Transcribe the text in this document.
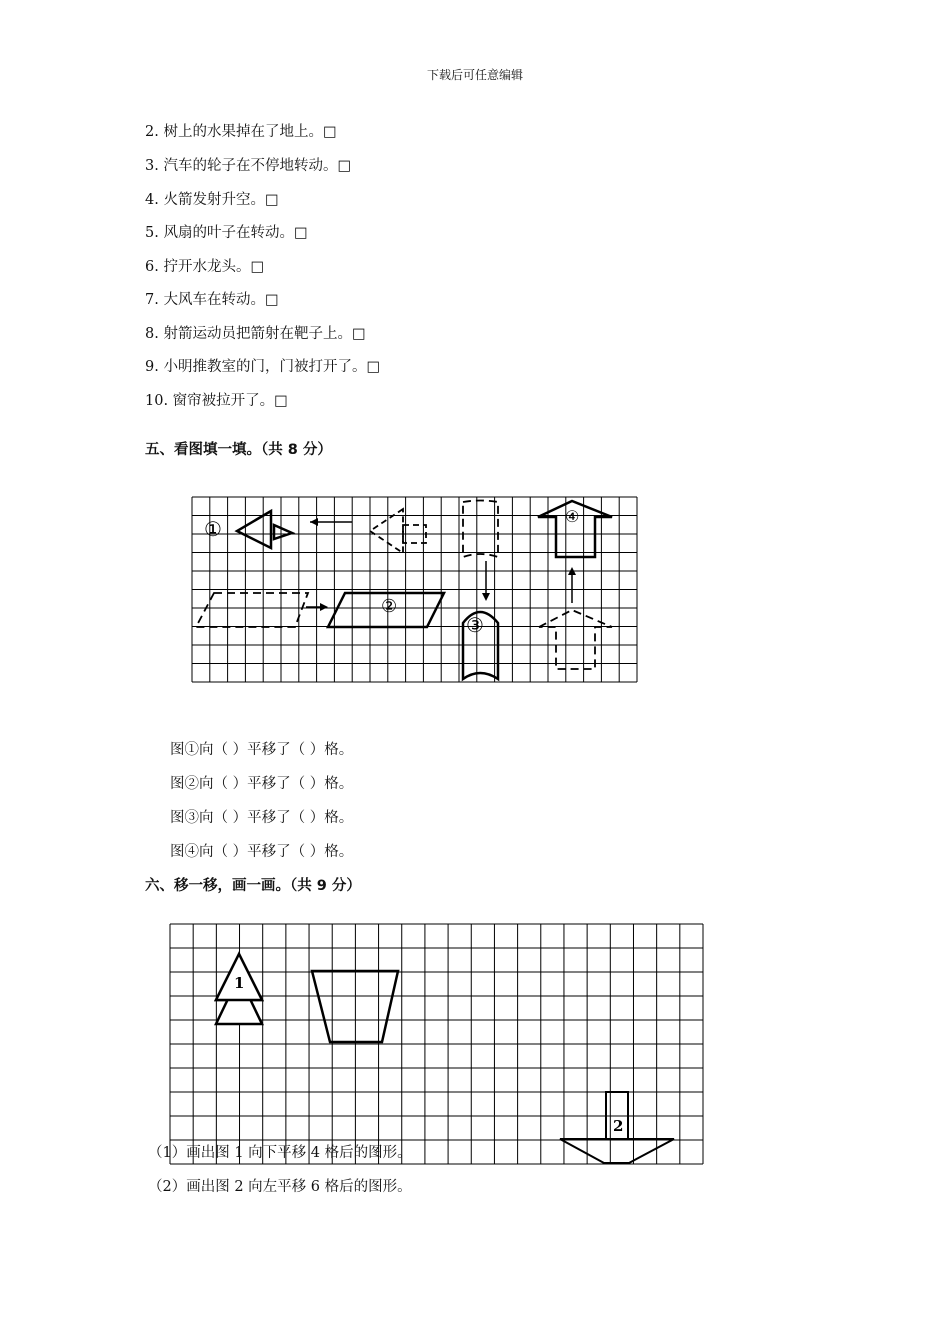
下载后可任意编辑
2. 树上的水果掉在了地上。□
3. 汽车的轮子在不停地转动。□
4. 火箭发射升空。□
5. 风扇的叶子在转动。□
6. 拧开水龙头。□
7. 大风车在转动。□
8. 射箭运动员把箭射在靶子上。□
9. 小明推教室的门，门被打开了。□
10. 窗帘被拉开了。□
五、看图填一填。（共 8 分）
①
②
③
④
图①向（ ）平移了（ ）格。
图②向（ ）平移了（ ）格。
图③向（ ）平移了（ ）格。
图④向（ ）平移了（ ）格。
六、移一移，画一画。（共 9 分）
1
2
（1）画出图 1 向下平移 4 格后的图形。
（2）画出图 2 向左平移 6 格后的图形。
